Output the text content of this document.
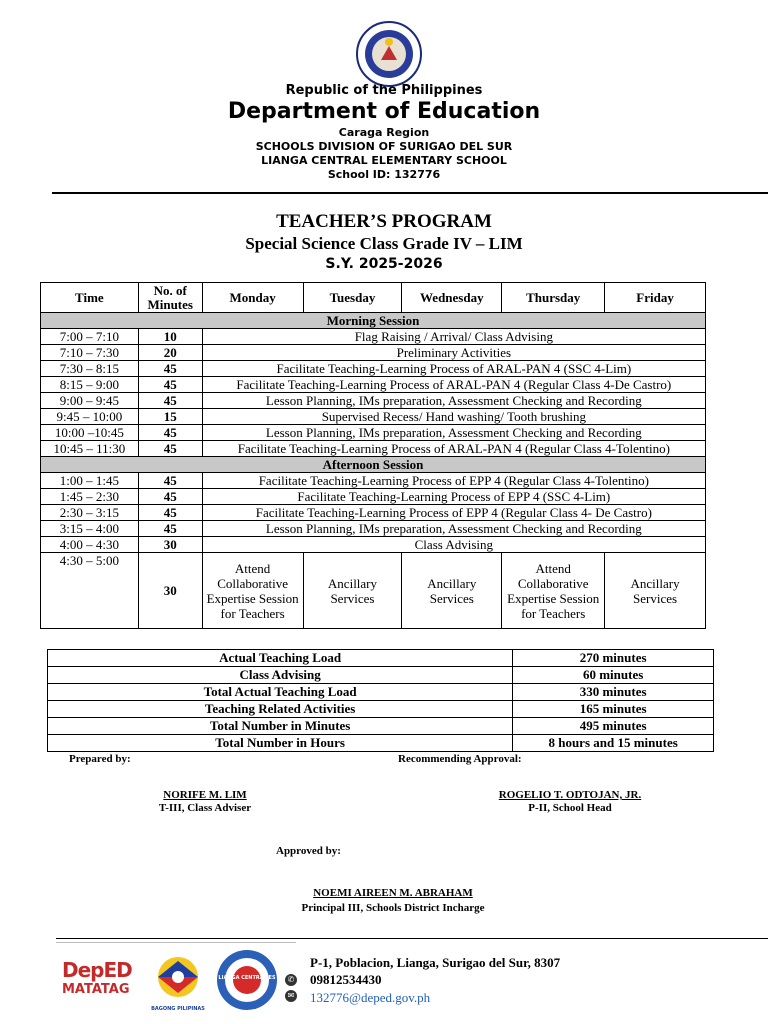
Republic of the Philippines
Department of Education
Caraga Region
SCHOOLS DIVISION OF SURIGAO DEL SUR
LIANGA CENTRAL ELEMENTARY SCHOOL
School ID: 132776
TEACHER’S PROGRAM
Special Science Class Grade IV – LIM
S.Y. 2025-2026
Time	No. of Minutes	Monday	Tuesday	Wednesday	Thursday	Friday
Morning Session						
7:00 – 7:10	10	Flag Raising / Arrival/ Class Advising				
7:10 – 7:30	20	Preliminary Activities				
7:30 – 8:15	45	Facilitate Teaching-Learning Process of ARAL-PAN 4 (SSC 4-Lim)				
8:15 – 9:00	45	Facilitate Teaching-Learning Process of ARAL-PAN 4 (Regular Class 4-De Castro)				
9:00 – 9:45	45	Lesson Planning, IMs preparation, Assessment Checking and Recording				
9:45 – 10:00	15	Supervised Recess/ Hand washing/ Tooth brushing				
10:00 –10:45	45	Lesson Planning, IMs preparation, Assessment Checking and Recording				
10:45 – 11:30	45	Facilitate Teaching-Learning Process of ARAL-PAN 4 (Regular Class 4-Tolentino)				
Afternoon Session						
1:00 – 1:45	45	Facilitate Teaching-Learning Process of EPP 4 (Regular Class 4-Tolentino)				
1:45 – 2:30	45	Facilitate Teaching-Learning Process of EPP 4 (SSC 4-Lim)				
2:30 – 3:15	45	Facilitate Teaching-Learning Process of EPP 4 (Regular Class 4- De Castro)				
3:15 – 4:00	45	Lesson Planning, IMs preparation, Assessment Checking and Recording				
4:00 – 4:30	30	Class Advising				
4:30 – 5:00	30	Attend Collaborative Expertise Session for Teachers	Ancillary Services	Ancillary Services	Attend Collaborative Expertise Session for Teachers	Ancillary Services
Actual Teaching Load	270 minutes
Class Advising	60 minutes
Total Actual Teaching Load	330 minutes
Teaching Related Activities	165 minutes
Total Number in Minutes	495 minutes
Total Number in Hours	8 hours and 15 minutes
Prepared by:	Recommending Approval:
NORIFE M. LIM
T-III, Class Adviser
ROGELIO T. ODTOJAN, JR.
P-II, School Head
Approved by:
NOEMI AIREEN M. ABRAHAM
Principal III, Schools District Incharge
DepED
MATATAG
BAGONG PILIPINAS
LIANGA CENTRAL ES	✆
✉
P-1, Poblacion, Lianga, Surigao del Sur, 8307
09812534430
132776@deped.gov.ph
